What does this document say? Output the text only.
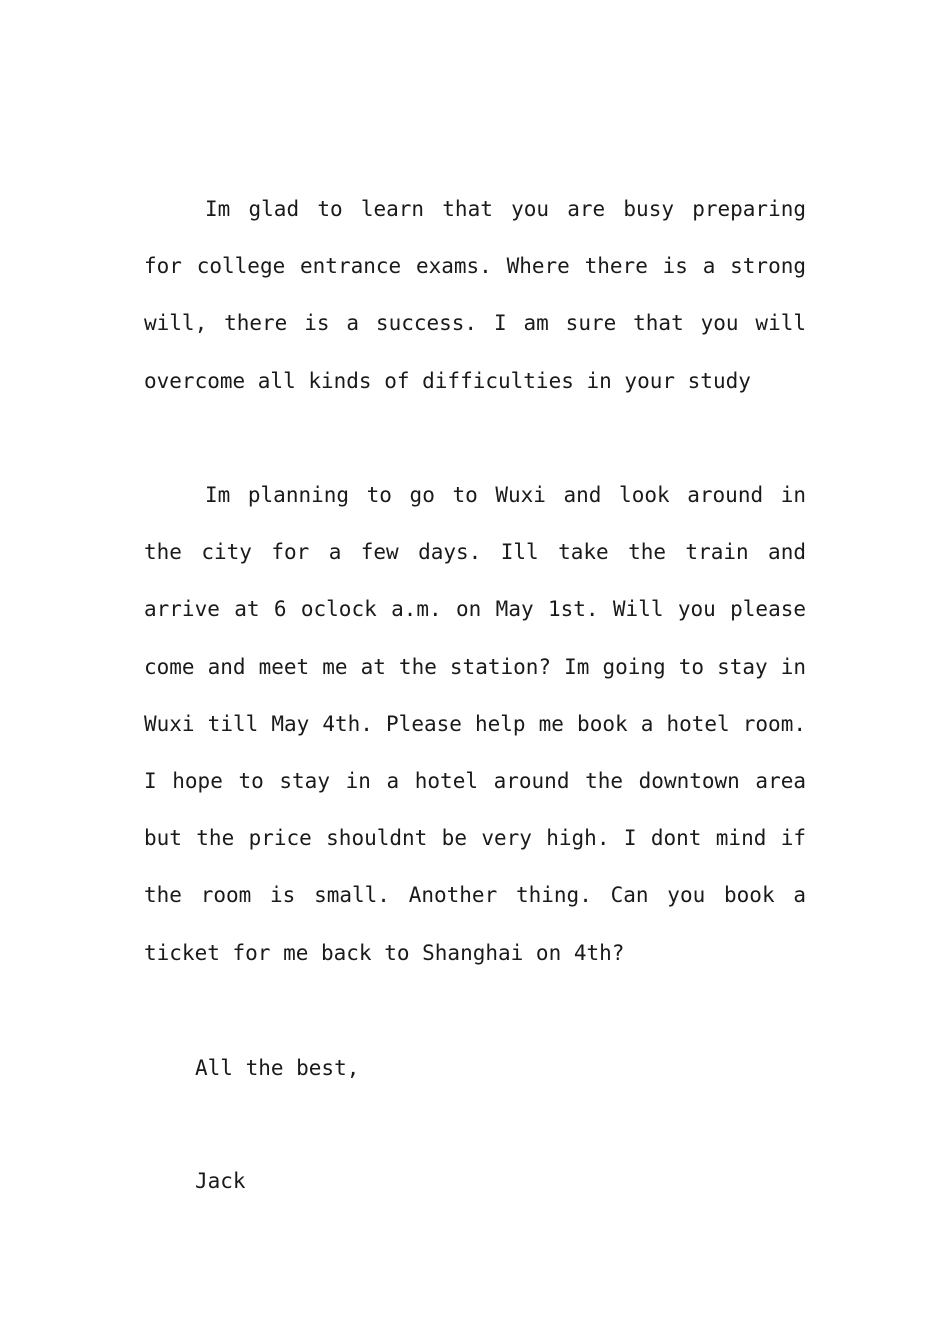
Im glad to learn that you are busy preparing for college entrance exams. Where there is a strong will, there is a success. I am sure that you will overcome all kinds of difficulties in your study

Im planning to go to Wuxi and look around in the city for a few days. Ill take the train and arrive at 6 oclock a.m. on May 1st. Will you please come and meet me at the station? Im going to stay in Wuxi till May 4th. Please help me book a hotel room. I hope to stay in a hotel around the downtown area but the price shouldnt be very high. I dont mind if the room is small. Another thing. Can you book a ticket for me back to Shanghai on 4th?

All the best,

Jack
